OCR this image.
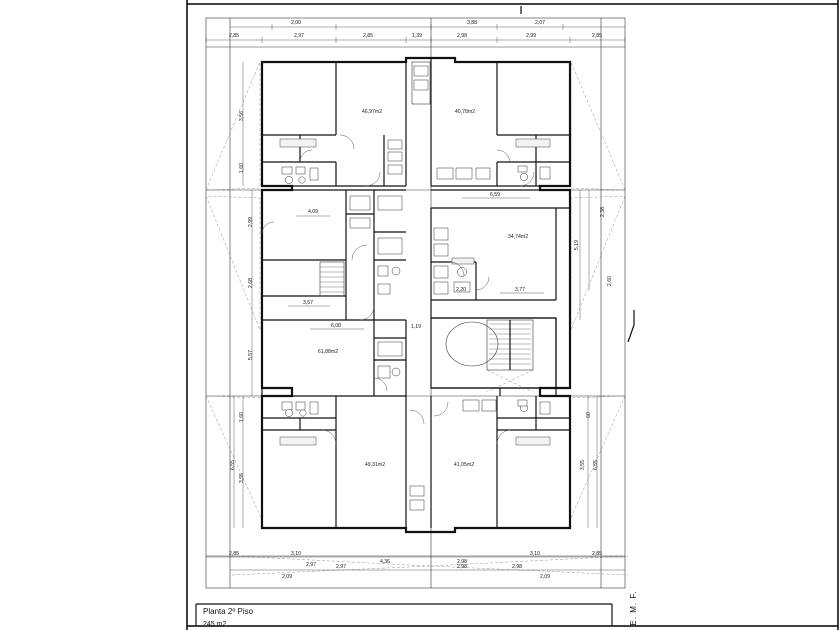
2,00	3,88	2,07
2,85	2,97	2,85	1,39	2,98	2,99	2,85
2,85	3,10
2,97	4,36	2,98
3,10	2,85
2,09
2,97	2,98
2,09
2,98
3,56
1,60
2,99
2,68
5,57
1,60
3,55
6,55
2,38
5,19
2,60
3,55 6,55
60
46,97m2	40,78m2
34,74m2
61,88m2
49,31m2	41,05m2
4,09
6,59
3,57
6,08	1,19
2,20	3,77
Planta 2º Piso
245 m2	E. M. F.
